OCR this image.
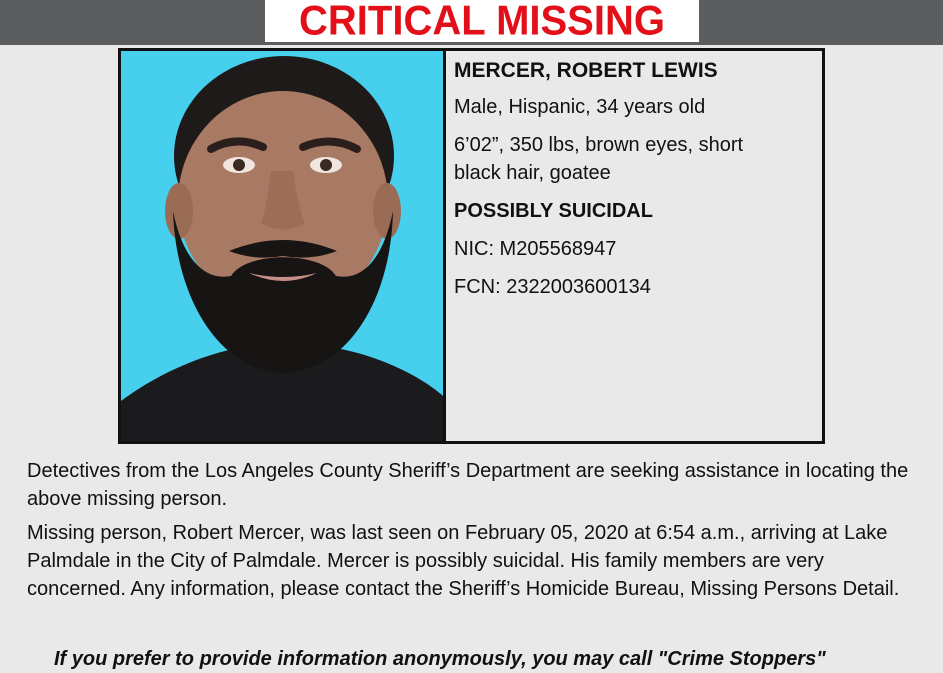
CRITICAL MISSING

MERCER, ROBERT LEWIS

Male, Hispanic, 34 years old

6’02”, 350 lbs, brown eyes, short

black hair, goatee

POSSIBLY SUICIDAL

NIC: M205568947

FCN: 2322003600134

Detectives from the Los Angeles County Sheriff’s Department are seeking assistance in locating the above missing person.

Missing person, Robert Mercer, was last seen on February 05, 2020 at 6:54 a.m., arriving at Lake Palmdale in the City of Palmdale. Mercer is possibly suicidal. His family members are very concerned. Any information, please contact the Sheriff’s Homicide Bureau, Missing Persons Detail.

If you prefer to provide information anonymously, you may call "Crime Stoppers"
